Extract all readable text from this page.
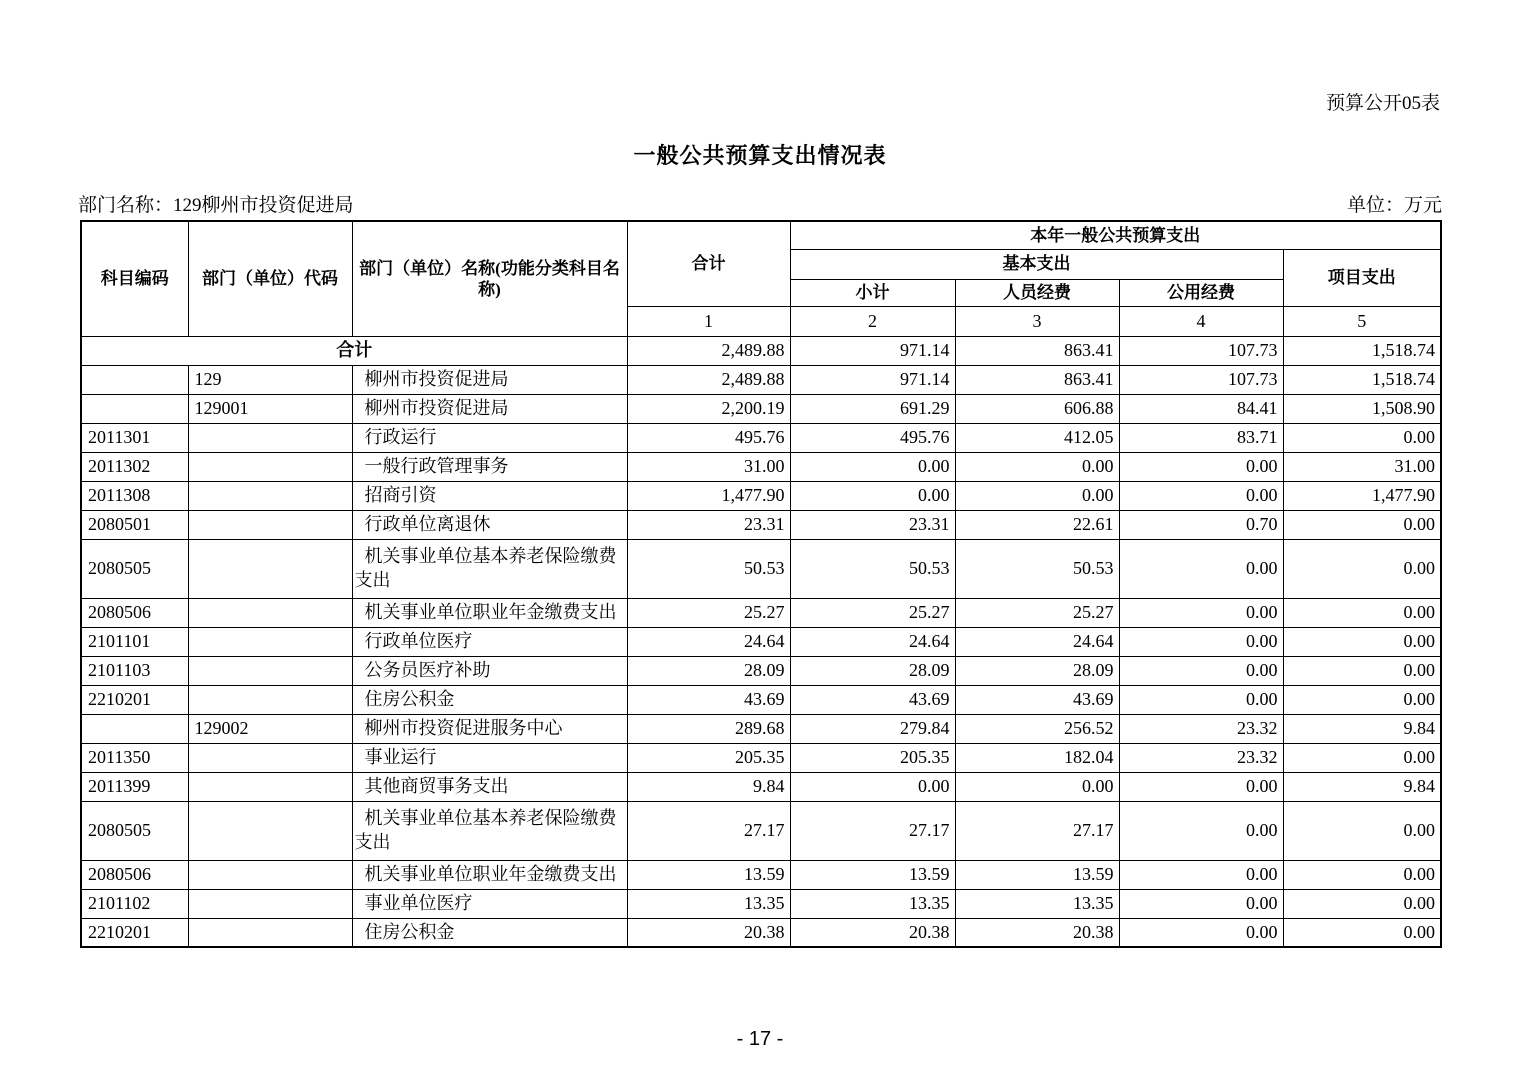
预算公开05表
一般公共预算支出情况表
部门名称：129柳州市投资促进局	单位：万元
科目编码	部门（单位）代码	部门（单位）名称(功能分类科目名称)	合计	本年一般公共预算支出			
				基本支出			项目支出
				小计	人员经费	公用经费	
			1	2	3	4	5
合计			2,489.88	971.14	863.41	107.73	1,518.74
	129	柳州市投资促进局	2,489.88	971.14	863.41	107.73	1,518.74
	129001	柳州市投资促进局	2,200.19	691.29	606.88	84.41	1,508.90
2011301		行政运行	495.76	495.76	412.05	83.71	0.00
2011302		一般行政管理事务	31.00	0.00	0.00	0.00	31.00
2011308		招商引资	1,477.90	0.00	0.00	0.00	1,477.90
2080501		行政单位离退休	23.31	23.31	22.61	0.70	0.00
2080505		机关事业单位基本养老保险缴费支出	50.53	50.53	50.53	0.00	0.00
2080506		机关事业单位职业年金缴费支出	25.27	25.27	25.27	0.00	0.00
2101101		行政单位医疗	24.64	24.64	24.64	0.00	0.00
2101103		公务员医疗补助	28.09	28.09	28.09	0.00	0.00
2210201		住房公积金	43.69	43.69	43.69	0.00	0.00
	129002	柳州市投资促进服务中心	289.68	279.84	256.52	23.32	9.84
2011350		事业运行	205.35	205.35	182.04	23.32	0.00
2011399		其他商贸事务支出	9.84	0.00	0.00	0.00	9.84
2080505		机关事业单位基本养老保险缴费支出	27.17	27.17	27.17	0.00	0.00
2080506		机关事业单位职业年金缴费支出	13.59	13.59	13.59	0.00	0.00
2101102		事业单位医疗	13.35	13.35	13.35	0.00	0.00
2210201		住房公积金	20.38	20.38	20.38	0.00	0.00
- 17 -
